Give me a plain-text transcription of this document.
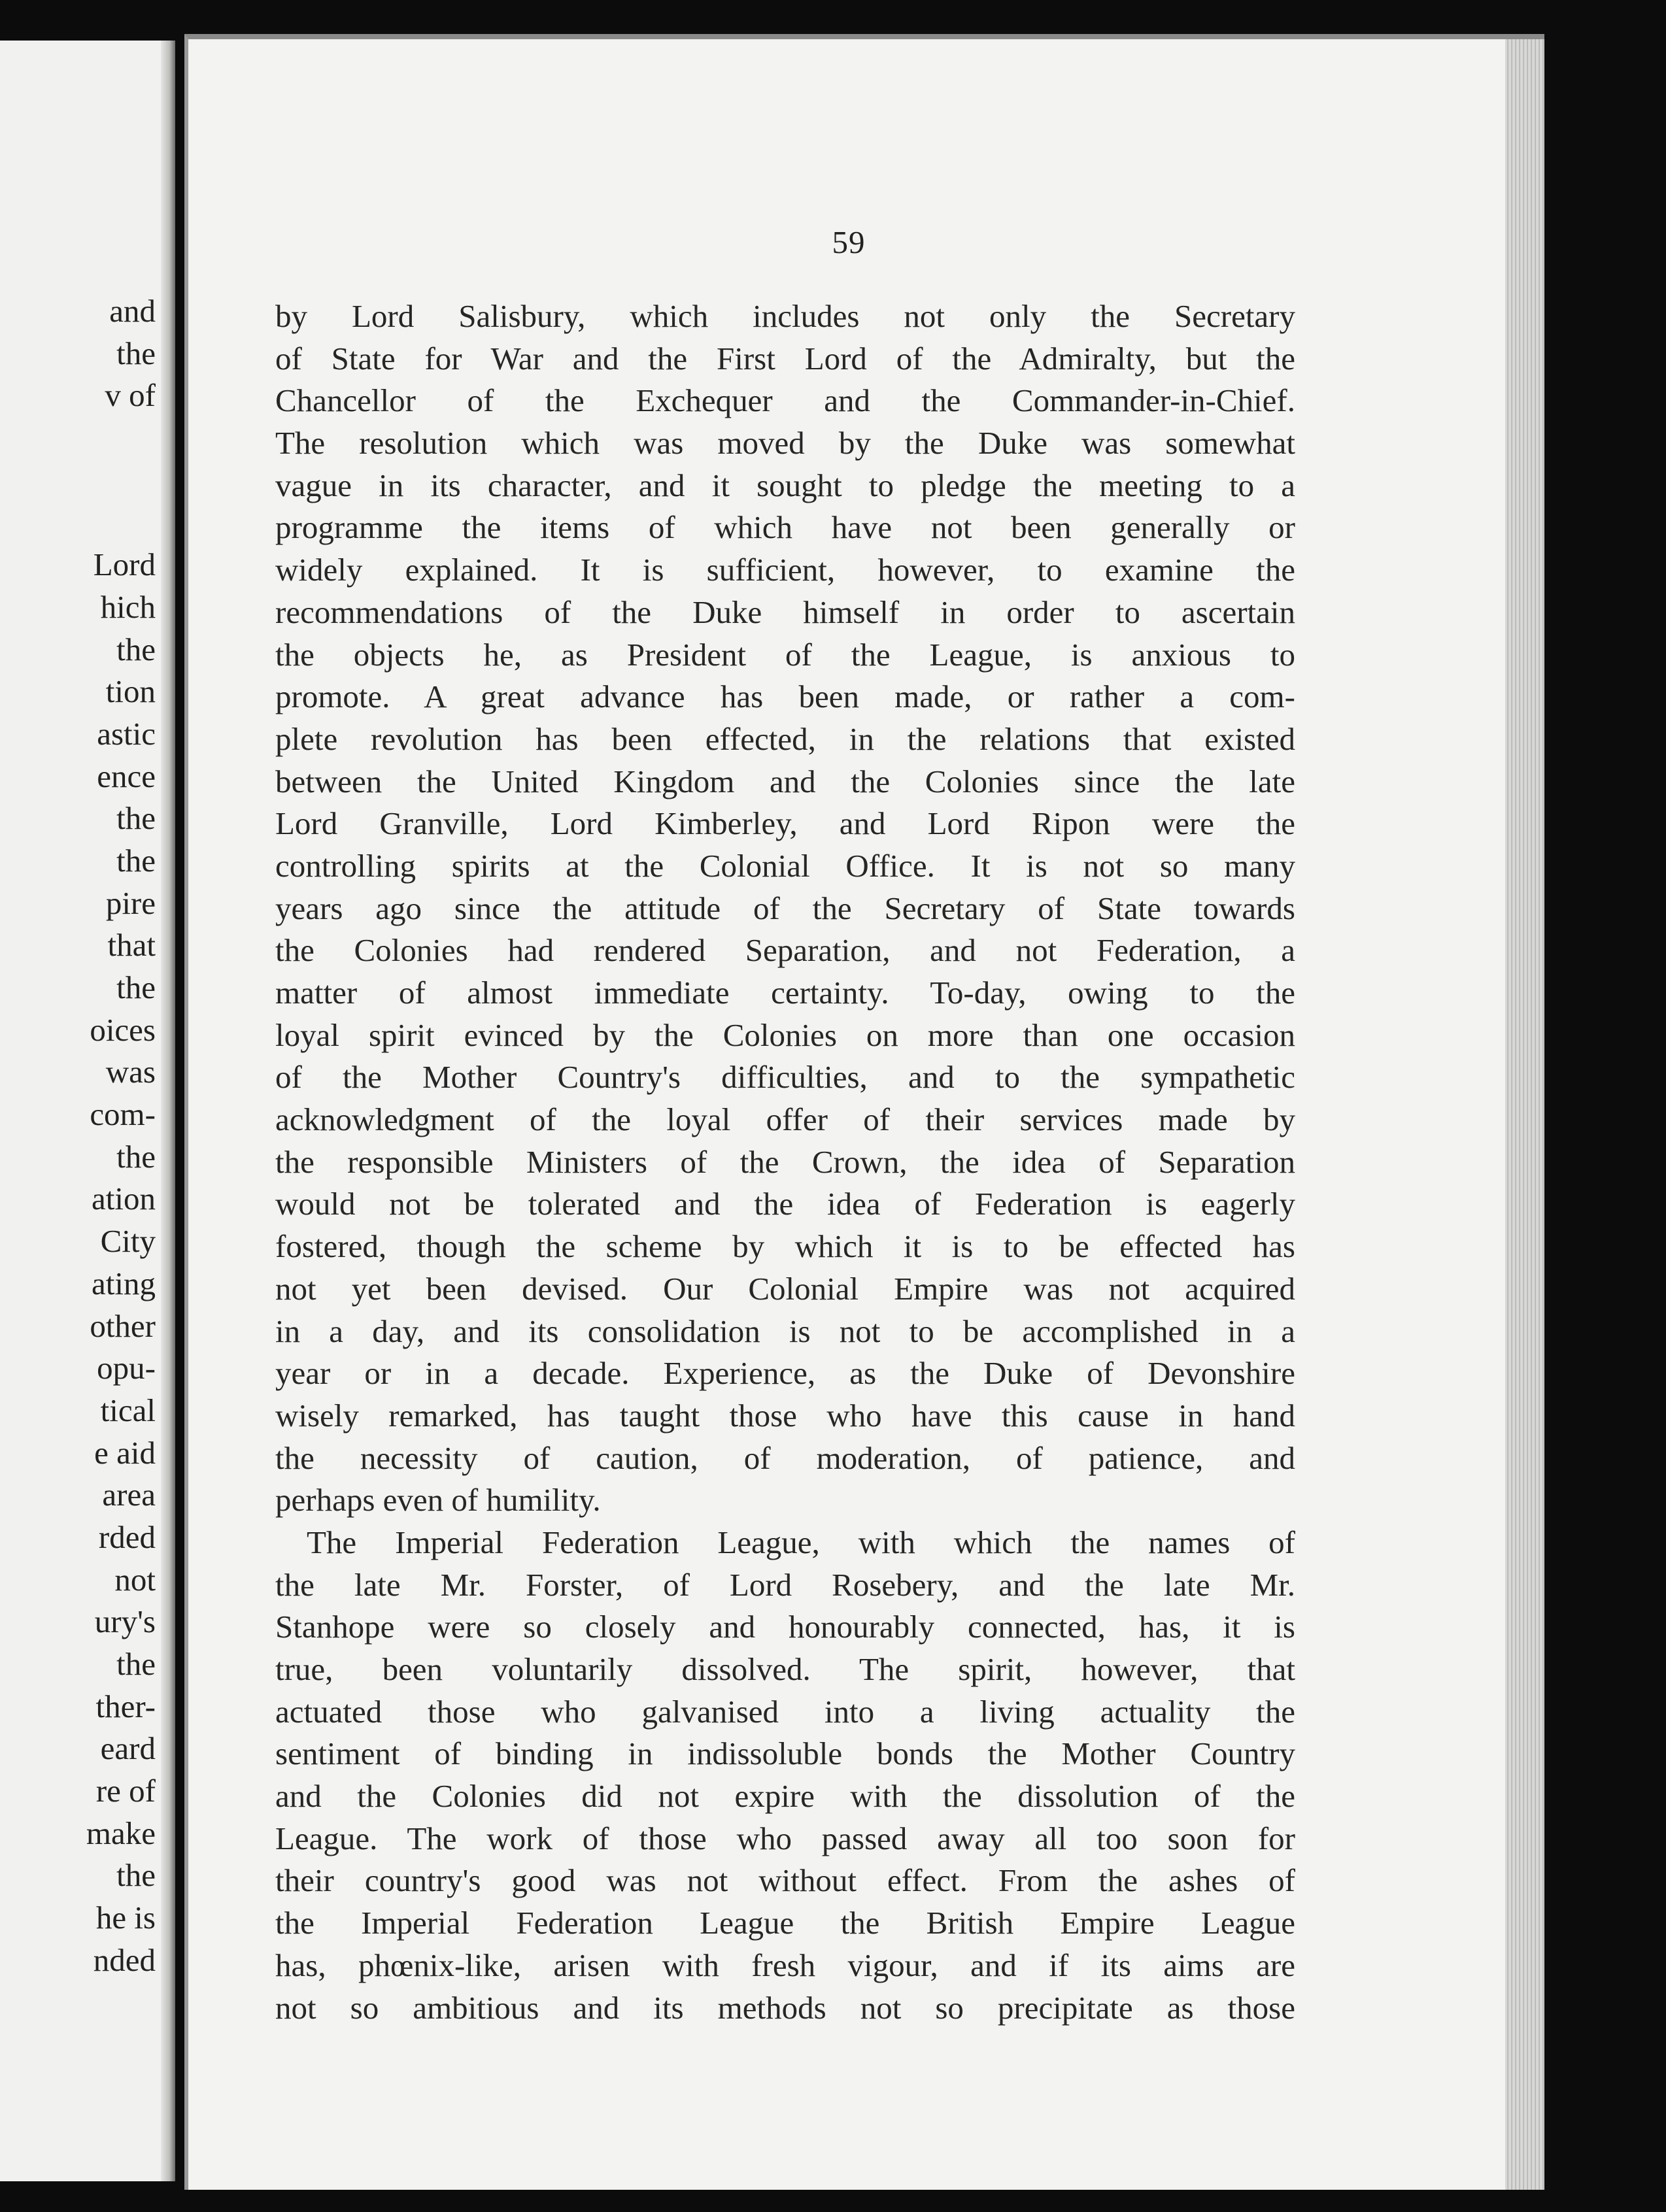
and
the
v of
Lord
hich
the
tion
astic
ence
the
the
pire
that
the
oices
was
com-
the
ation
City
ating
other
opu-
tical
e aid
area
rded
not
ury's
the
ther-
eard
re of
make
the
he is
nded
59
by Lord Salisbury, which includes not only the Secretary
of State for War and the First Lord of the Admiralty, but the
Chancellor of the Exchequer and the Commander-in-Chief.
The resolution which was moved by the Duke was somewhat
vague in its character, and it sought to pledge the meeting to a
programme the items of which have not been generally or
widely explained. It is sufficient, however, to examine the
recommendations of the Duke himself in order to ascertain
the objects he, as President of the League, is anxious to
promote. A great advance has been made, or rather a com-
plete revolution has been effected, in the relations that existed
between the United Kingdom and the Colonies since the late
Lord Granville, Lord Kimberley, and Lord Ripon were the
controlling spirits at the Colonial Office. It is not so many
years ago since the attitude of the Secretary of State towards
the Colonies had rendered Separation, and not Federation, a
matter of almost immediate certainty. To-day, owing to the
loyal spirit evinced by the Colonies on more than one occasion
of the Mother Country's difficulties, and to the sympathetic
acknowledgment of the loyal offer of their services made by
the responsible Ministers of the Crown, the idea of Separation
would not be tolerated and the idea of Federation is eagerly
fostered, though the scheme by which it is to be effected has
not yet been devised. Our Colonial Empire was not acquired
in a day, and its consolidation is not to be accomplished in a
year or in a decade. Experience, as the Duke of Devonshire
wisely remarked, has taught those who have this cause in hand
the necessity of caution, of moderation, of patience, and
perhaps even of humility.
The Imperial Federation League, with which the names of
the late Mr. Forster, of Lord Rosebery, and the late Mr.
Stanhope were so closely and honourably connected, has, it is
true, been voluntarily dissolved. The spirit, however, that
actuated those who galvanised into a living actuality the
sentiment of binding in indissoluble bonds the Mother Country
and the Colonies did not expire with the dissolution of the
League. The work of those who passed away all too soon for
their country's good was not without effect. From the ashes of
the Imperial Federation League the British Empire League
has, phœnix-like, arisen with fresh vigour, and if its aims are
not so ambitious and its methods not so precipitate as those
